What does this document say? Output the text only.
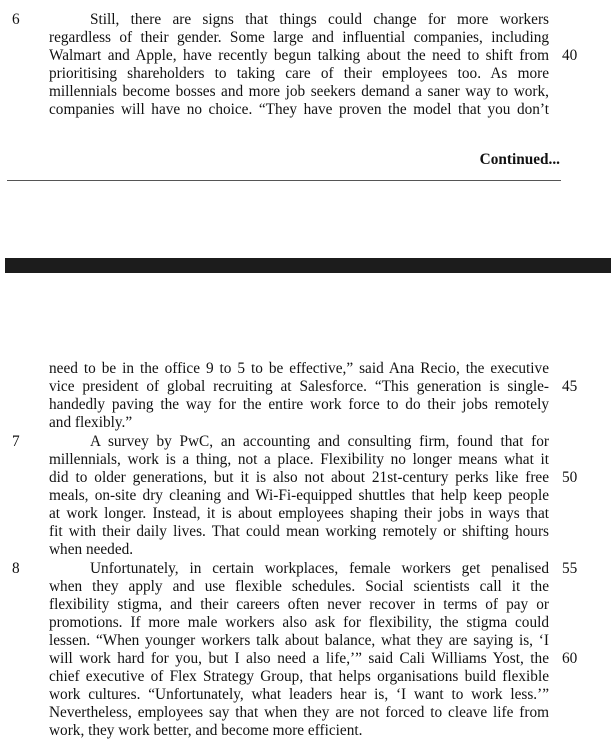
6	Still, there are signs that things could change for more workers
regardless of their gender. Some large and influential companies, including
Walmart and Apple, have recently begun talking about the need to shift from 40
prioritising shareholders to taking care of their employees too. As more
millennials become bosses and more job seekers demand a saner way to work,
companies will have no choice. “They have proven the model that you don’t
Continued...
need to be in the office 9 to 5 to be effective,” said Ana Recio, the executive
vice president of global recruiting at Salesforce. “This generation is single- 45
handedly paving the way for the entire work force to do their jobs remotely
and flexibly.”
7	A survey by PwC, an accounting and consulting firm, found that for
millennials, work is a thing, not a place. Flexibility no longer means what it
did to older generations, but it is also not about 21st-century perks like free 50
meals, on-site dry cleaning and Wi-Fi-equipped shuttles that help keep people
at work longer. Instead, it is about employees shaping their jobs in ways that
fit with their daily lives. That could mean working remotely or shifting hours
when needed.
8	Unfortunately, in certain workplaces, female workers get penalised 55
when they apply and use flexible schedules. Social scientists call it the
flexibility stigma, and their careers often never recover in terms of pay or
promotions. If more male workers also ask for flexibility, the stigma could
lessen. “When younger workers talk about balance, what they are saying is, ‘I
will work hard for you, but I also need a life,’” said Cali Williams Yost, the 60
chief executive of Flex Strategy Group, that helps organisations build flexible
work cultures. “Unfortunately, what leaders hear is, ‘I want to work less.’”
Nevertheless, employees say that when they are not forced to cleave life from
work, they work better, and become more efficient.
